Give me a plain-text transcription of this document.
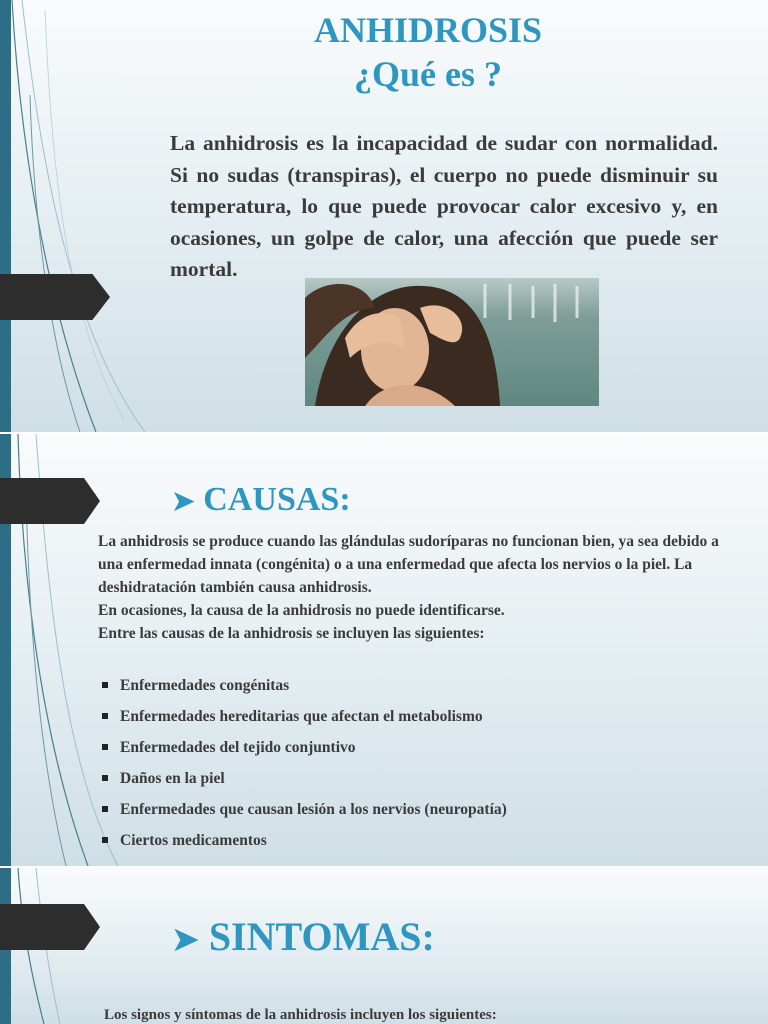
ANHIDROSIS
¿Qué es ?

La anhidrosis es la incapacidad de sudar con normalidad. Si no sudas (transpiras), el cuerpo no puede disminuir su temperatura, lo que puede provocar calor excesivo y, en ocasiones, un golpe de calor, una afección que puede ser mortal.

➤ CAUSAS:

La anhidrosis se produce cuando las glándulas sudoríparas no funcionan bien, ya sea debido a una enfermedad innata (congénita) o a una enfermedad que afecta los nervios o la piel. La deshidratación también causa anhidrosis.

En ocasiones, la causa de la anhidrosis no puede identificarse.

Entre las causas de la anhidrosis se incluyen las siguientes:

Enfermedades congénitas
Enfermedades hereditarias que afectan el metabolismo
Enfermedades del tejido conjuntivo
Daños en la piel
Enfermedades que causan lesión a los nervios (neuropatía)
Ciertos medicamentos
➤ SINTOMAS:

Los signos y síntomas de la anhidrosis incluyen los siguientes:
